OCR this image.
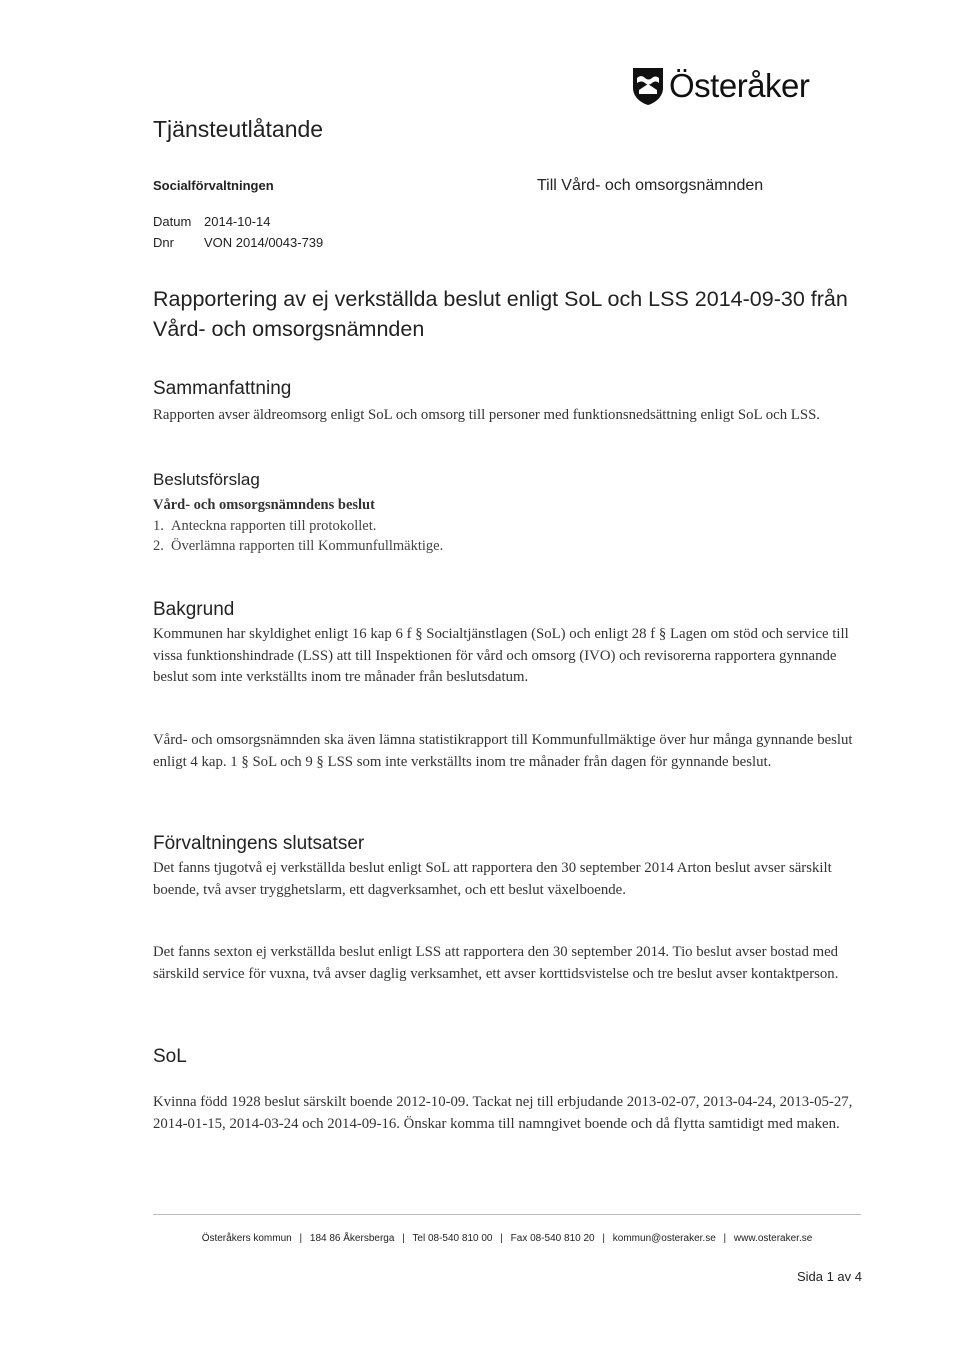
Österåker
Tjänsteutlåtande
Socialförvaltningen	Till Vård- och omsorgsnämnden
Datum 2014-10-14
Dnr VON 2014/0043-739
Rapportering av ej verkställda beslut enligt SoL och LSS 2014-09-30 från Vård- och omsorgsnämnden
Sammanfattning
Rapporten avser äldreomsorg enligt SoL och omsorg till personer med funktionsnedsättning enligt SoL och LSS.
Beslutsförslag
Vård- och omsorgsnämndens beslut
1. Anteckna rapporten till protokollet.
2. Överlämna rapporten till Kommunfullmäktige.
Bakgrund
Kommunen har skyldighet enligt 16 kap 6 f § Socialtjänstlagen (SoL) och enligt 28 f § Lagen om stöd och service till vissa funktionshindrade (LSS) att till Inspektionen för vård och omsorg (IVO) och revisorerna rapportera gynnande beslut som inte verkställts inom tre månader från beslutsdatum.
Vård- och omsorgsnämnden ska även lämna statistikrapport till Kommunfullmäktige över hur många gynnande beslut enligt 4 kap. 1 § SoL och 9 § LSS som inte verkställts inom tre månader från dagen för gynnande beslut.
Förvaltningens slutsatser
Det fanns tjugotvå ej verkställda beslut enligt SoL att rapportera den 30 september 2014 Arton beslut avser särskilt boende, två avser trygghetslarm, ett dagverksamhet, och ett beslut växelboende.
Det fanns sexton ej verkställda beslut enligt LSS att rapportera den 30 september 2014. Tio beslut avser bostad med särskild service för vuxna, två avser daglig verksamhet, ett avser korttidsvistelse och tre beslut avser kontaktperson.
SoL
Kvinna född 1928 beslut särskilt boende 2012-10-09. Tackat nej till erbjudande 2013-02-07, 2013-04-24, 2013-05-27, 2014-01-15, 2014-03-24 och 2014-09-16. Önskar komma till namngivet boende och då flytta samtidigt med maken.
Österåkers kommun | 184 86 Åkersberga | Tel 08-540 810 00 | Fax 08-540 810 20 | kommun@osteraker.se | www.osteraker.se
Sida 1 av 4
